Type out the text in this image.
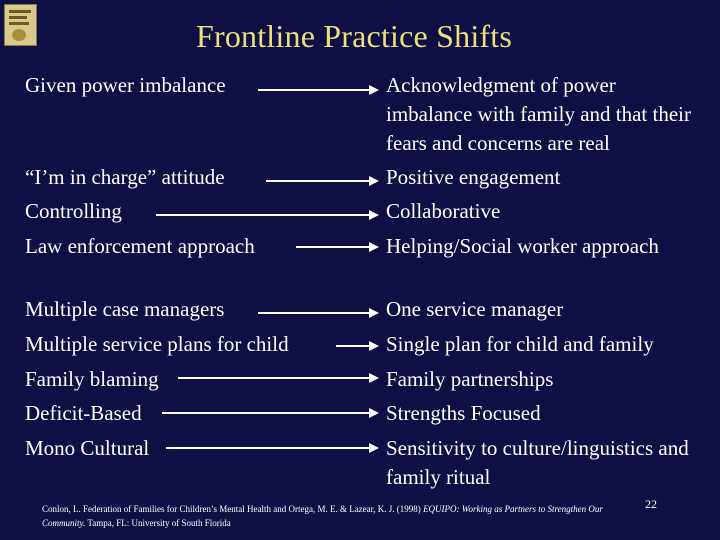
Frontline Practice Shifts
Given power imbalance	Acknowledgment of power imbalance with family and that their fears and concerns are real
“I’m in charge” attitude	Positive engagement
Controlling	Collaborative
Law enforcement approach	Helping/Social worker approach
Multiple case managers	One service manager
Multiple service plans for child	Single plan for child and family
Family blaming	Family partnerships
Deficit-Based	Strengths Focused
Mono Cultural	Sensitivity to culture/linguistics and family ritual
Conlon, L. Federation of Families for Children’s Mental Health and Ortega, M. E. & Lazear, K. J. (1998) EQUIPO: Working as Partners to Strengthen Our Community. Tampa, FL: University of South Florida
22
